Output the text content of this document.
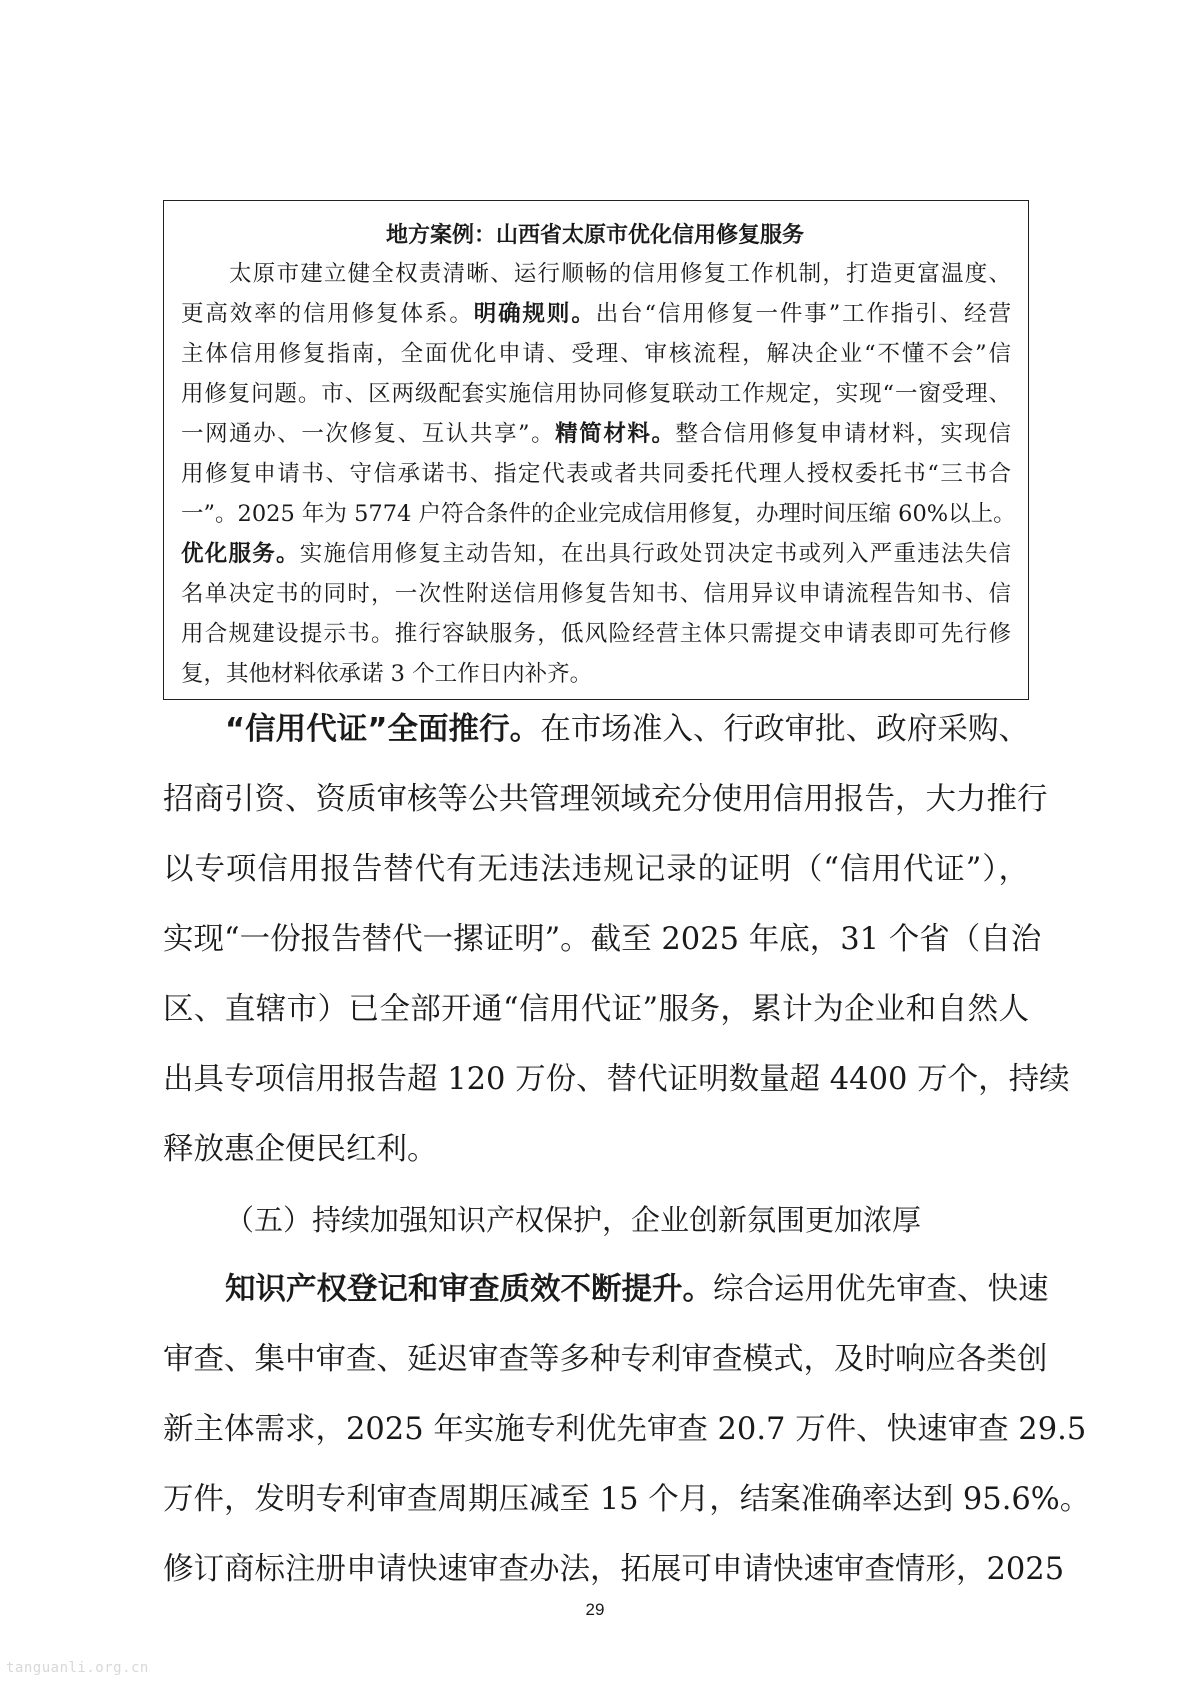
地方案例：山西省太原市优化信用修复服务
太原市建立健全权责清晰、运行顺畅的信用修复工作机制，打造更富温度、
更高效率的信用修复体系。明确规则。出台“信用修复一件事”工作指引、经营
主体信用修复指南，全面优化申请、受理、审核流程，解决企业“不懂不会”信
用修复问题。市、区两级配套实施信用协同修复联动工作规定，实现“一窗受理、
一网通办、一次修复、互认共享”。精简材料。整合信用修复申请材料，实现信
用修复申请书、守信承诺书、指定代表或者共同委托代理人授权委托书“三书合
一”。2025 年为 5774 户符合条件的企业完成信用修复，办理时间压缩 60%以上。
优化服务。实施信用修复主动告知，在出具行政处罚决定书或列入严重违法失信
名单决定书的同时，一次性附送信用修复告知书、信用异议申请流程告知书、信
用合规建设提示书。推行容缺服务，低风险经营主体只需提交申请表即可先行修
复，其他材料依承诺 3 个工作日内补齐。
“信用代证”全面推行。在市场准入、行政审批、政府采购、
招商引资、资质审核等公共管理领域充分使用信用报告，大力推行
以专项信用报告替代有无违法违规记录的证明（“信用代证”），
实现“一份报告替代一摞证明”。截至 2025 年底，31 个省（自治
区、直辖市）已全部开通“信用代证”服务，累计为企业和自然人
出具专项信用报告超 120 万份、替代证明数量超 4400 万个，持续
（五）持续加强知识产权保护，企业创新氛围更加浓厚
知识产权登记和审查质效不断提升。综合运用优先审查、快速
审查、集中审查、延迟审查等多种专利审查模式，及时响应各类创
新主体需求，2025 年实施专利优先审查 20.7 万件、快速审查 29.5
万件，发明专利审查周期压减至 15 个月，结案准确率达到 95.6%。
修订商标注册申请快速审查办法，拓展可申请快速审查情形，2025
29
tanguanli.org.cn
释放惠企便民红利。
